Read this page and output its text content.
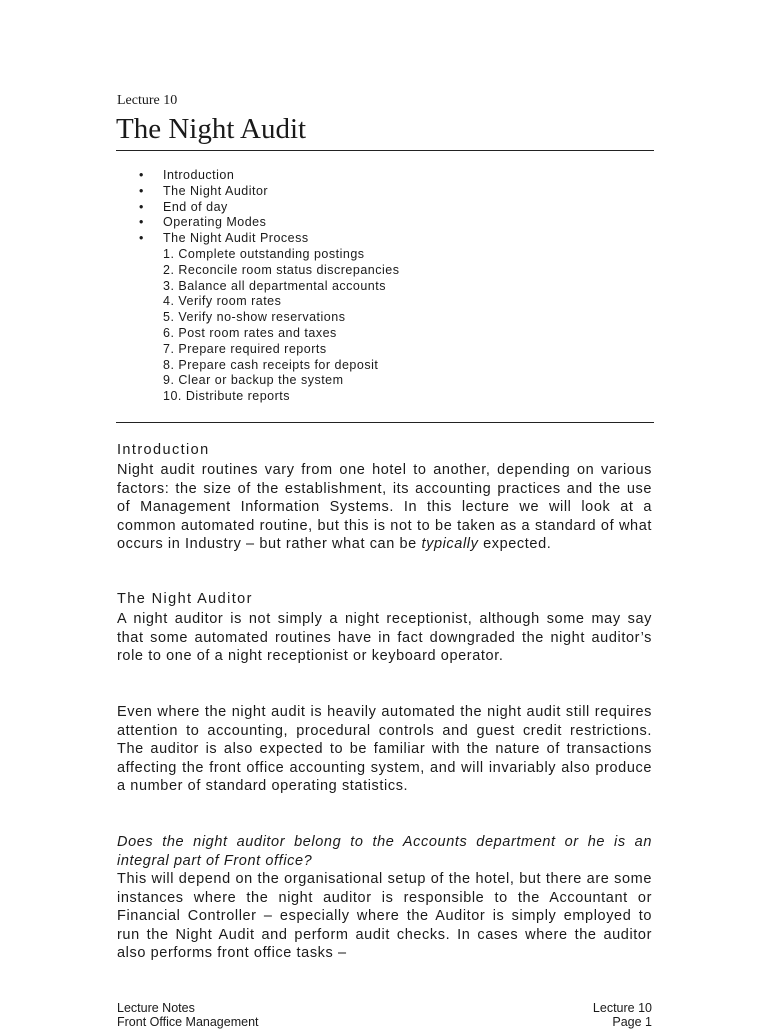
Lecture 10
The Night Audit
• Introduction
• The Night Auditor
• End of day
• Operating Modes
• The Night Audit Process
1. Complete outstanding postings
2. Reconcile room status discrepancies
3. Balance all departmental accounts
4. Verify room rates
5. Verify no-show reservations
6. Post room rates and taxes
7. Prepare required reports
8. Prepare cash receipts for deposit
9. Clear or backup the system
10. Distribute reports
Introduction
Night audit routines vary from one hotel to another, depending on various factors: the size of the establishment, its accounting practices and the use of Management Information Systems. In this lecture we will look at a common automated routine, but this is not to be taken as a standard of what occurs in Industry – but rather what can be typically expected.
The Night Auditor
A night auditor is not simply a night receptionist, although some may say that some automated routines have in fact downgraded the night auditor’s role to one of a night receptionist or keyboard operator.
Even where the night audit is heavily automated the night audit still requires attention to accounting, procedural controls and guest credit restrictions. The auditor is also expected to be familiar with the nature of transactions affecting the front office accounting system, and will invariably also produce a number of standard operating statistics.
Does the night auditor belong to the Accounts department or he is an integral part of Front office?
This will depend on the organisational setup of the hotel, but there are some instances where the night auditor is responsible to the Accountant or Financial Controller – especially where the Auditor is simply employed to run the Night Audit and perform audit checks. In cases where the auditor also performs front office tasks –
Lecture Notes
Front Office Management
Lecture 10
Page 1
